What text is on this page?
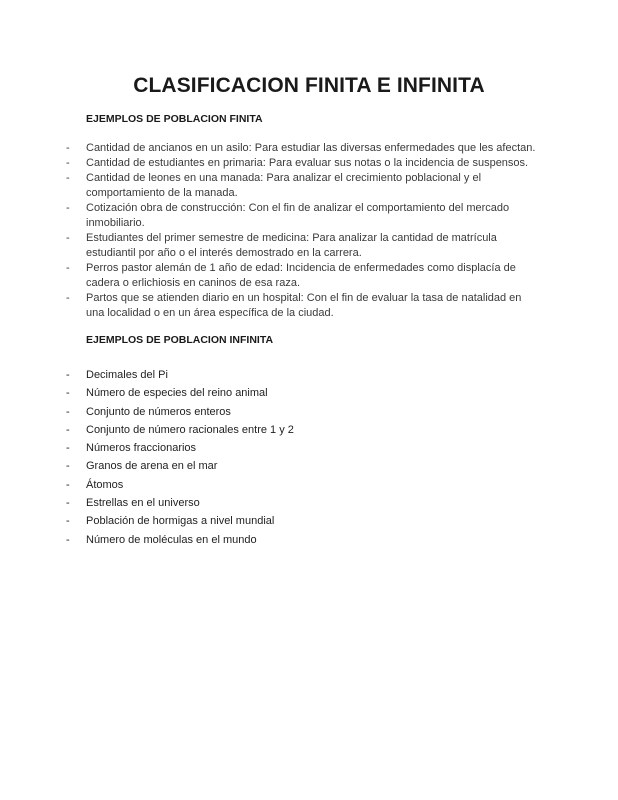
CLASIFICACION FINITA E INFINITA
EJEMPLOS DE POBLACION FINITA
- Cantidad de ancianos en un asilo: Para estudiar las diversas enfermedades que les afectan.
- Cantidad de estudiantes en primaria: Para evaluar sus notas o la incidencia de suspensos.
- Cantidad de leones en una manada: Para analizar el crecimiento poblacional y el comportamiento de la manada.
- Cotización obra de construcción: Con el fin de analizar el comportamiento del mercado inmobiliario.
- Estudiantes del primer semestre de medicina: Para analizar la cantidad de matrícula estudiantil por año o el interés demostrado en la carrera.
- Perros pastor alemán de 1 año de edad: Incidencia de enfermedades como displacía de cadera o erlichiosis en caninos de esa raza.
- Partos que se atienden diario en un hospital: Con el fin de evaluar la tasa de natalidad en una localidad o en un área específica de la ciudad.
EJEMPLOS DE POBLACION INFINITA
- Decimales del Pi
- Número de especies del reino animal
- Conjunto de números enteros
- Conjunto de número racionales entre 1 y 2
- Números fraccionarios
- Granos de arena en el mar
- Átomos
- Estrellas en el universo
- Población de hormigas a nivel mundial
- Número de moléculas en el mundo
